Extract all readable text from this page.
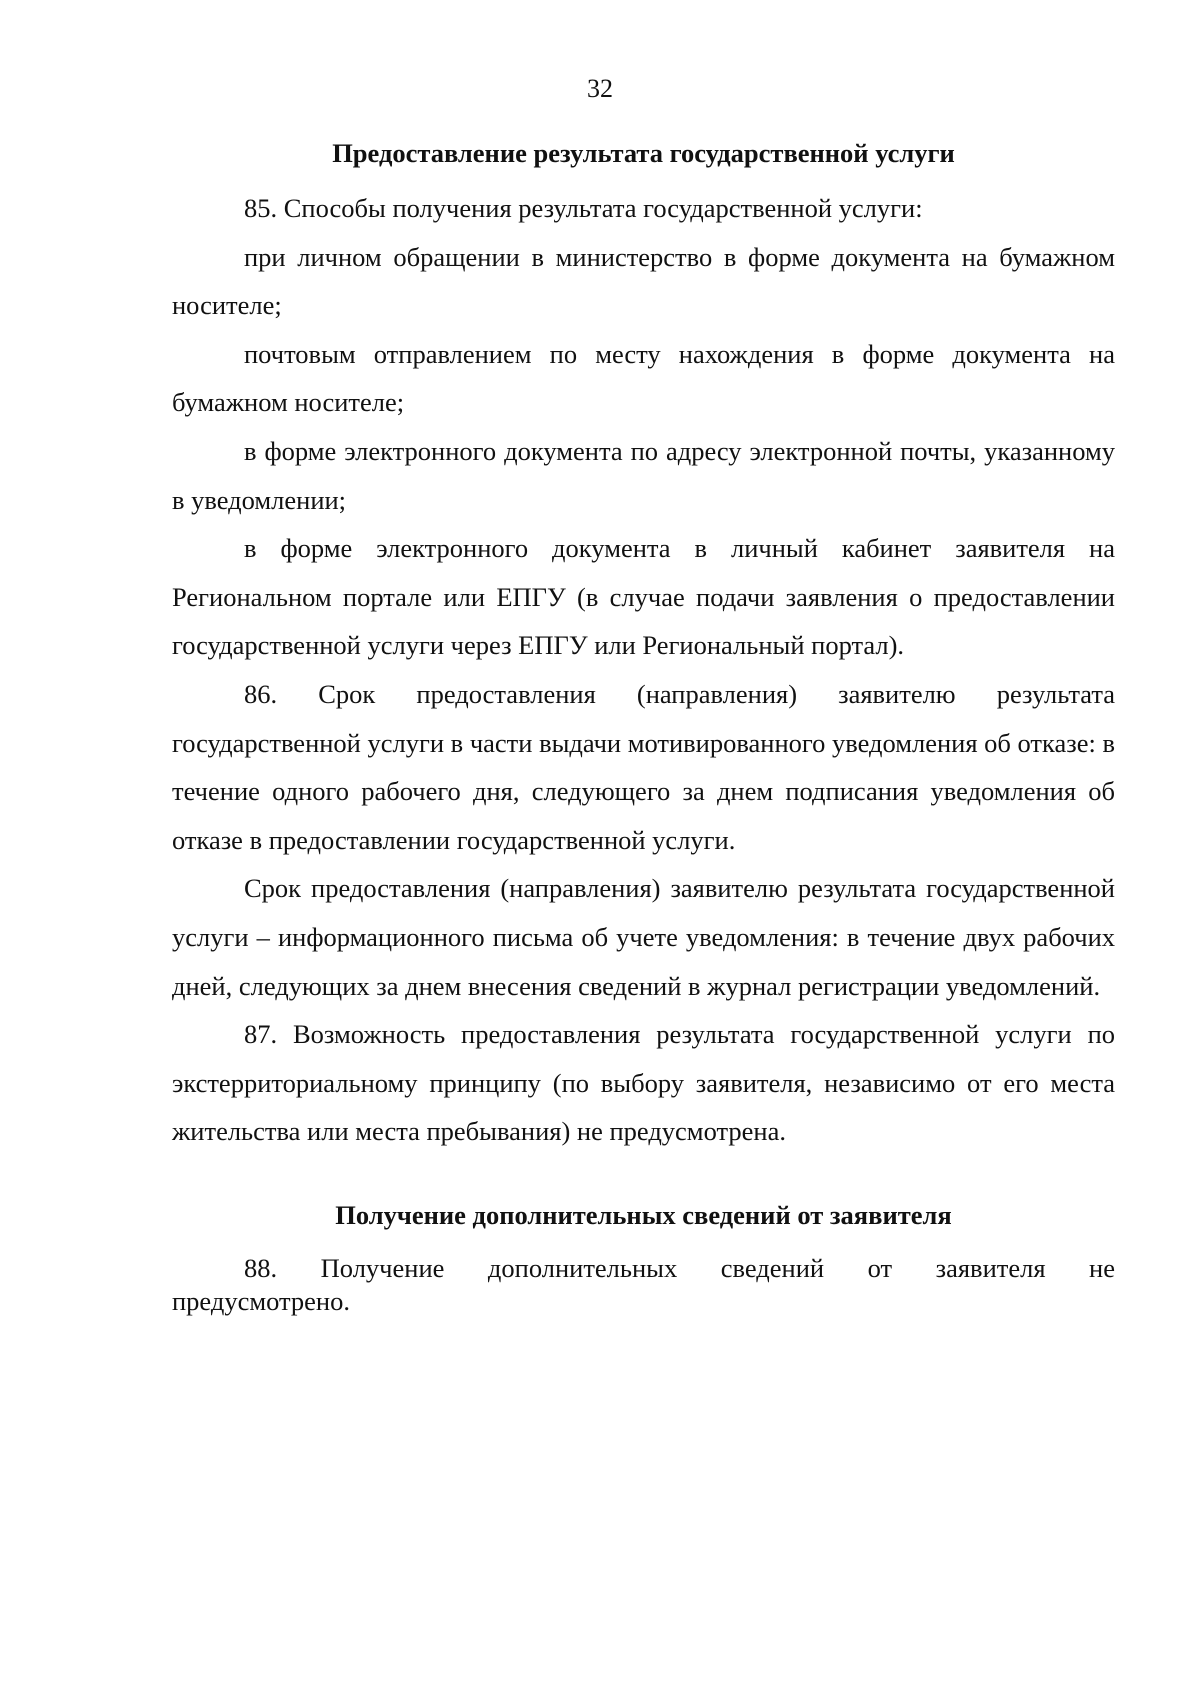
32
Предоставление результата государственной услуги

85. Способы получения результата государственной услуги:

при личном обращении в министерство в форме документа на бумажном носителе;

почтовым отправлением по месту нахождения в форме документа на бумажном носителе;

в форме электронного документа по адресу электронной почты, указанному в уведомлении;

в форме электронного документа в личный кабинет заявителя на Региональном портале или ЕПГУ (в случае подачи заявления о предоставлении государственной услуги через ЕПГУ или Региональный портал).

86. Срок предоставления (направления) заявителю результата государственной услуги в части выдачи мотивированного уведомления об отказе: в течение одного рабочего дня, следующего за днем подписания уведомления об отказе в предоставлении государственной услуги.

Срок предоставления (направления) заявителю результата государственной услуги – информационного письма об учете уведомления: в течение двух рабочих дней, следующих за днем внесения сведений в журнал регистрации уведомлений.

87. Возможность предоставления результата государственной услуги по экстерриториальному принципу (по выбору заявителя, независимо от его места жительства или места пребывания) не предусмотрена.

Получение дополнительных сведений от заявителя

88. Получение дополнительных сведений от заявителя не

предусмотрено.
